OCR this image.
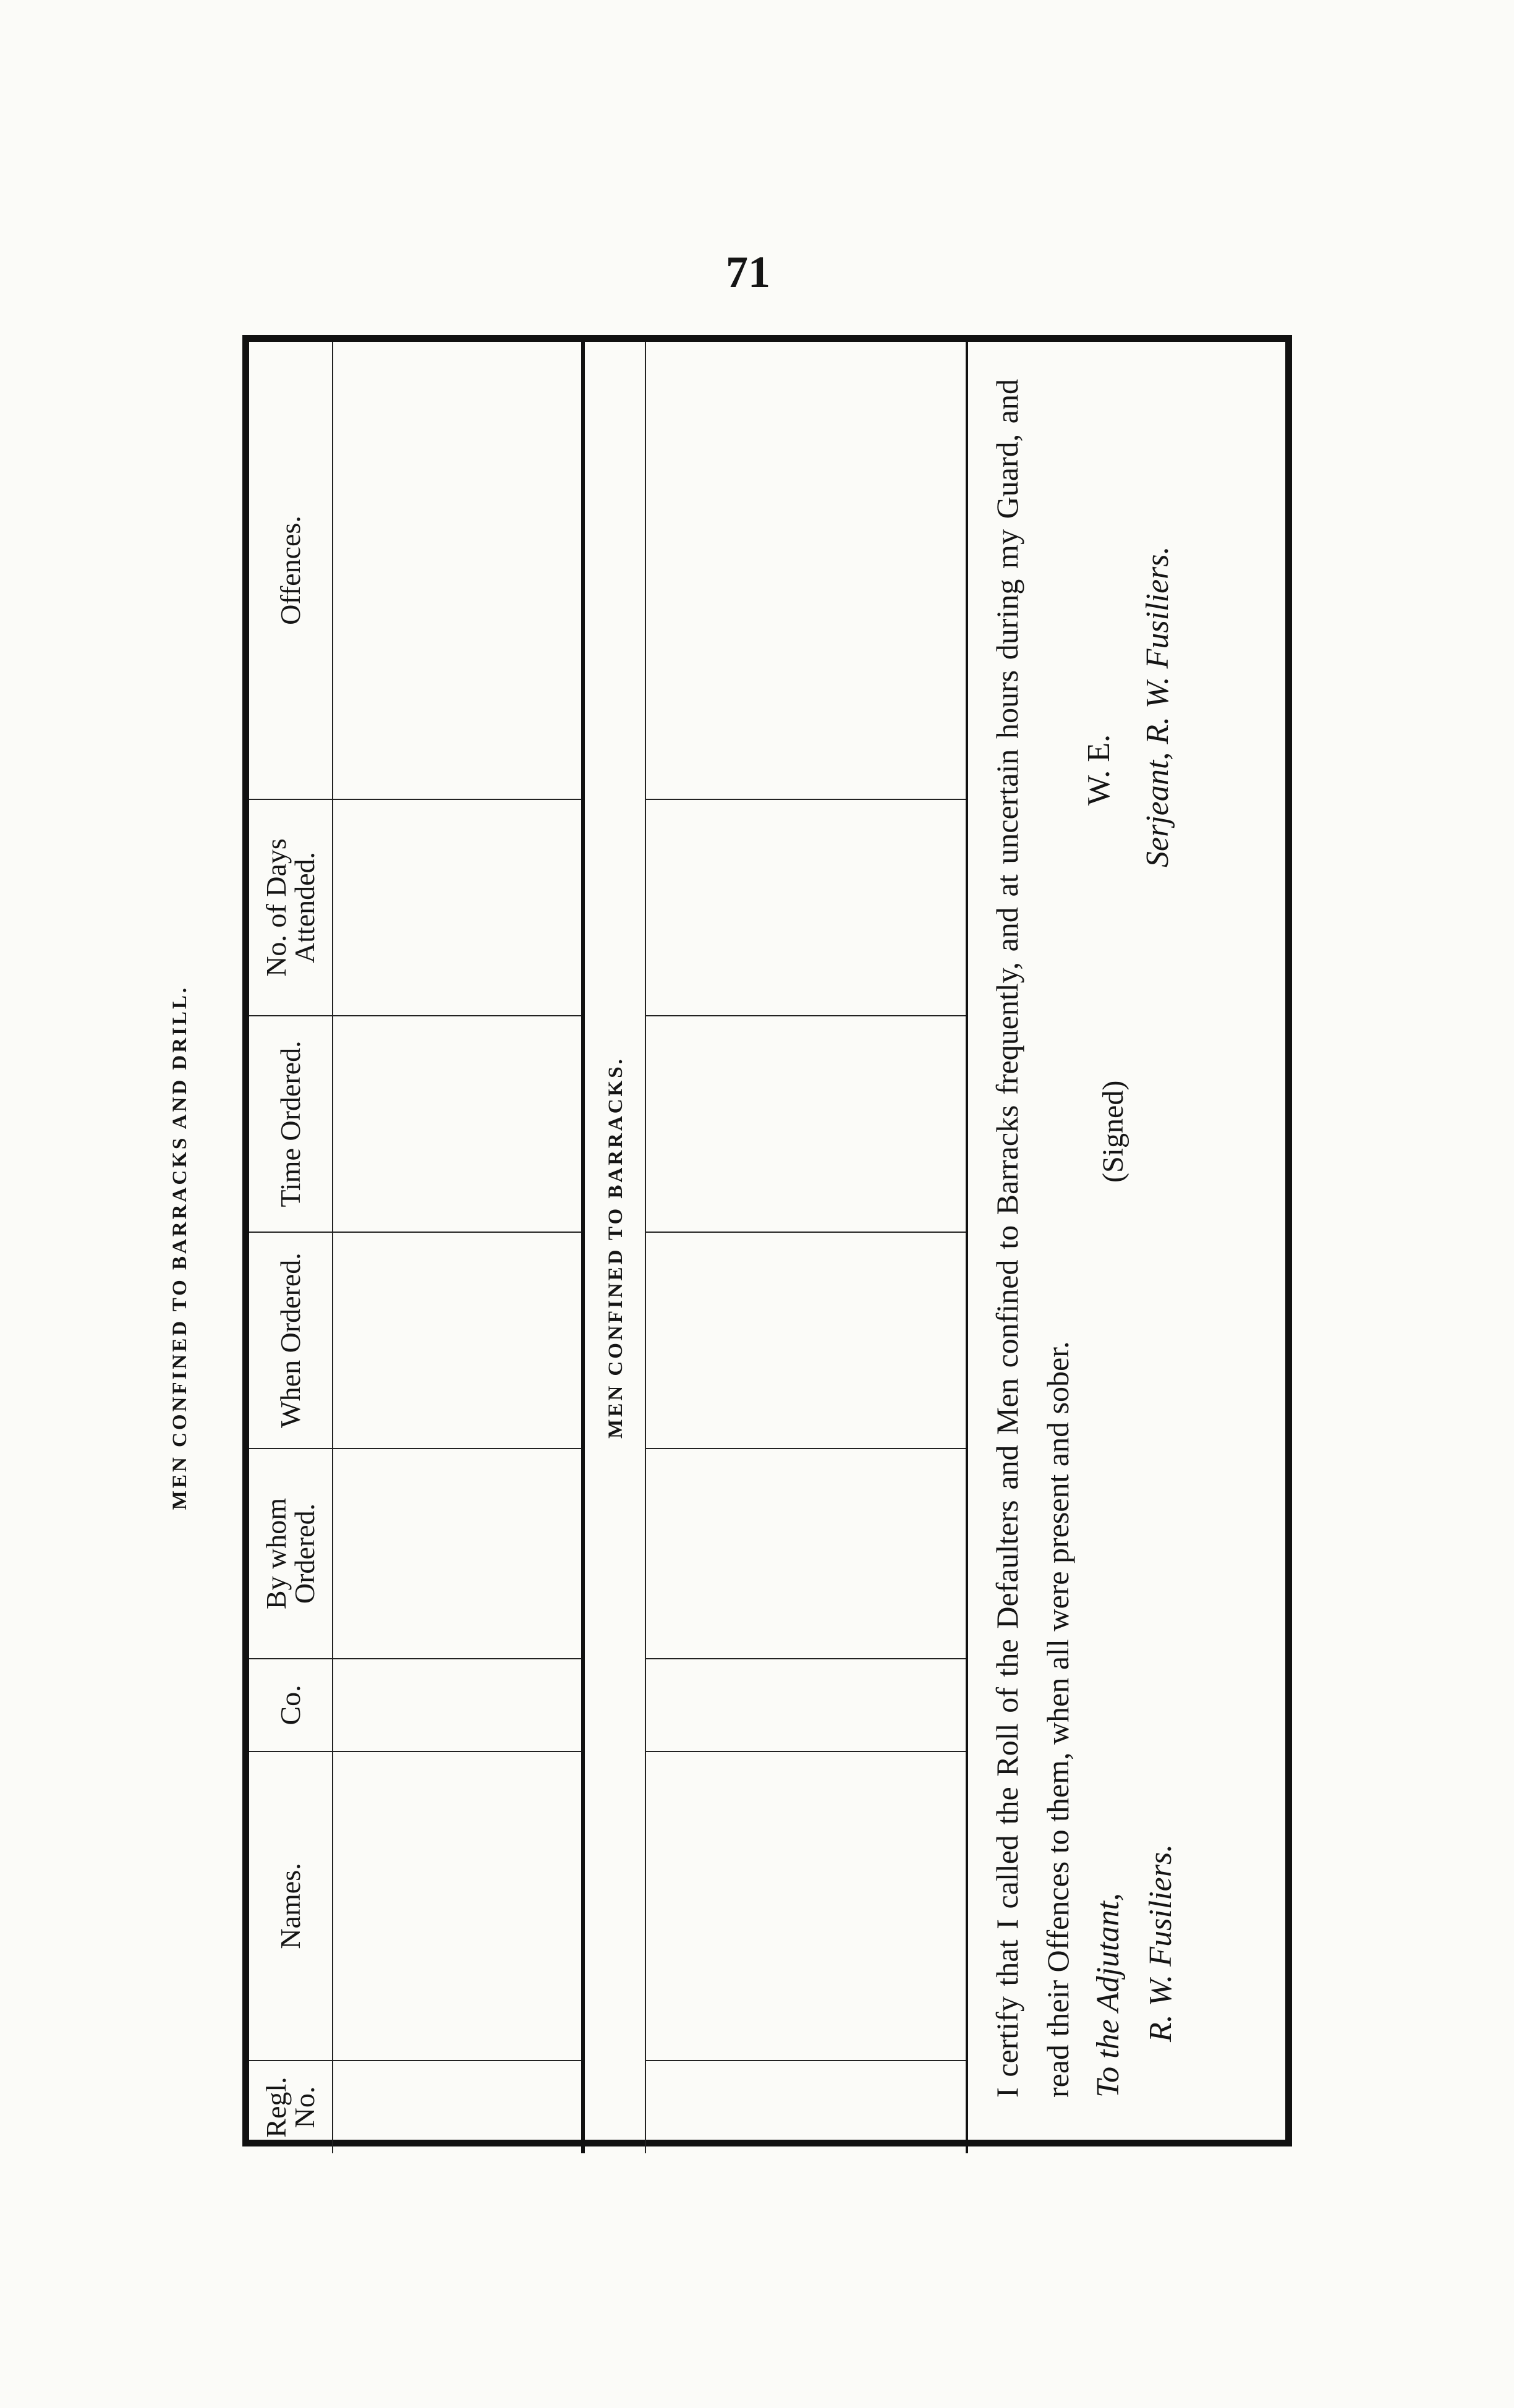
71
MEN CONFINED TO BARRACKS AND DRILL.
Regl. No.	Names.	Co.	By whom Ordered.	When Ordered.	Time Ordered.	No. of Days Attended.	Offences.

MEN CONFINED TO BARRACKS.
								I certify that I called the Roll of the Defaulters and Men confined to Barracks frequently, and at uncertain hours during my Guard, and read their Offences to them, when all were present and sober. To the Adjutant, R. W. Fusiliers.
(Signed)
W. E. Serjeant, R. W. Fusiliers.
